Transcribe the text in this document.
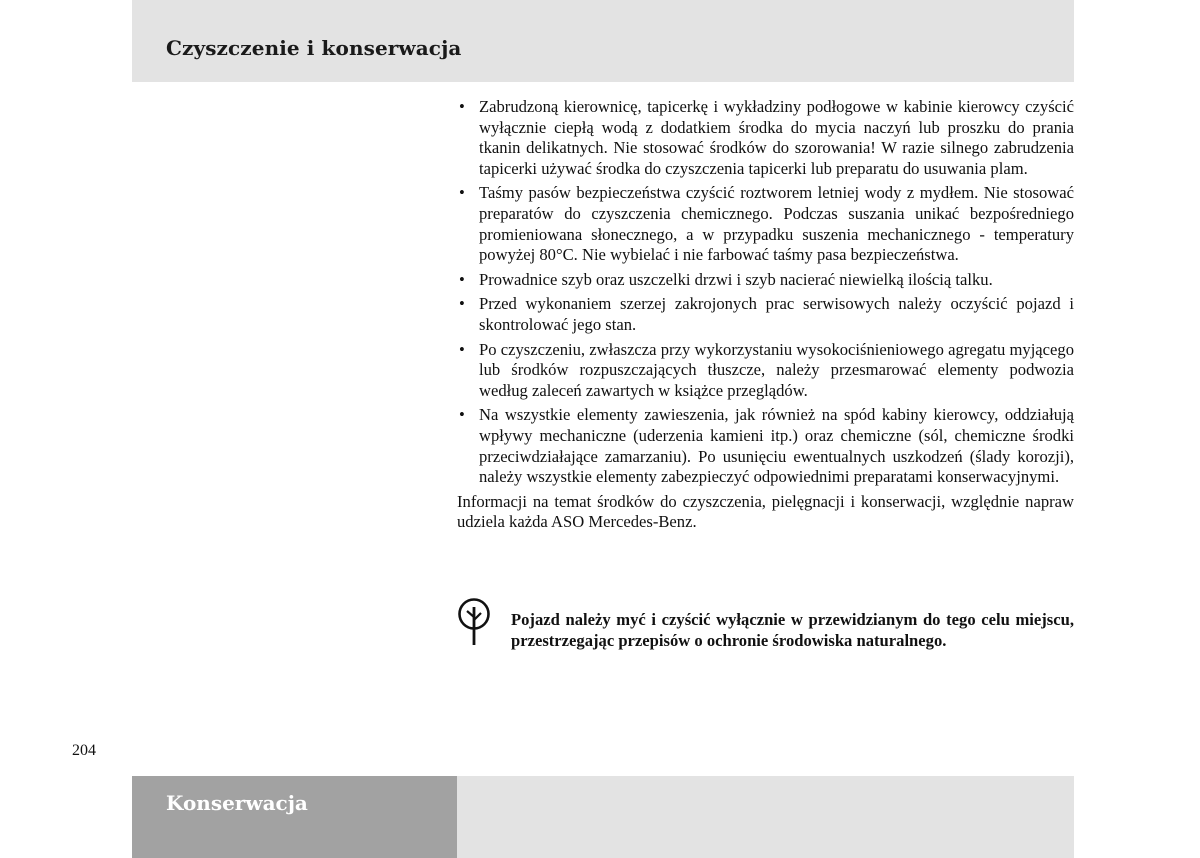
Czyszczenie i konserwacja
• Zabrudzoną kierownicę, tapicerkę i wykładziny podłogowe w kabinie kierowcy czyścić wyłącznie ciepłą wodą z dodatkiem środka do mycia naczyń lub proszku do prania tkanin delikatnych. Nie stosować środków do szorowania! W razie silnego zabrudzenia tapicerki używać środka do czyszczenia tapicerki lub preparatu do usuwania plam.
• Taśmy pasów bezpieczeństwa czyścić roztworem letniej wody z mydłem. Nie stosować preparatów do czyszczenia chemicznego. Podczas suszania unikać bezpośredniego promieniowana słonecznego, a w przypadku suszenia mechanicznego - temperatury powyżej 80°C. Nie wybielać i nie farbować taśmy pasa bezpieczeństwa.
• Prowadnice szyb oraz uszczelki drzwi i szyb nacierać niewielką ilością talku.
• Przed wykonaniem szerzej zakrojonych prac serwisowych należy oczyścić pojazd i skontrolować jego stan.
• Po czyszczeniu, zwłaszcza przy wykorzystaniu wysokociśnieniowego agregatu myjącego lub środków rozpuszczających tłuszcze, należy przesmarować elementy podwozia według zaleceń zawartych w książce przeglądów.
• Na wszystkie elementy zawieszenia, jak również na spód kabiny kierowcy, oddziałują wpływy mechaniczne (uderzenia kamieni itp.) oraz chemiczne (sól, chemiczne środki przeciwdziałające zamarzaniu). Po usunięciu ewentualnych uszkodzeń (ślady korozji), należy wszystkie elementy zabezpieczyć odpowiednimi preparatami konserwacyjnymi.

Informacji na temat środków do czyszczenia, pielęgnacji i konserwacji, względnie napraw udziela każda ASO Mercedes-Benz.

Pojazd należy myć i czyścić wyłącznie w przewidzianym do tego celu miejscu, przestrzegając przepisów o ochronie środowiska naturalnego.
204
Konserwacja
